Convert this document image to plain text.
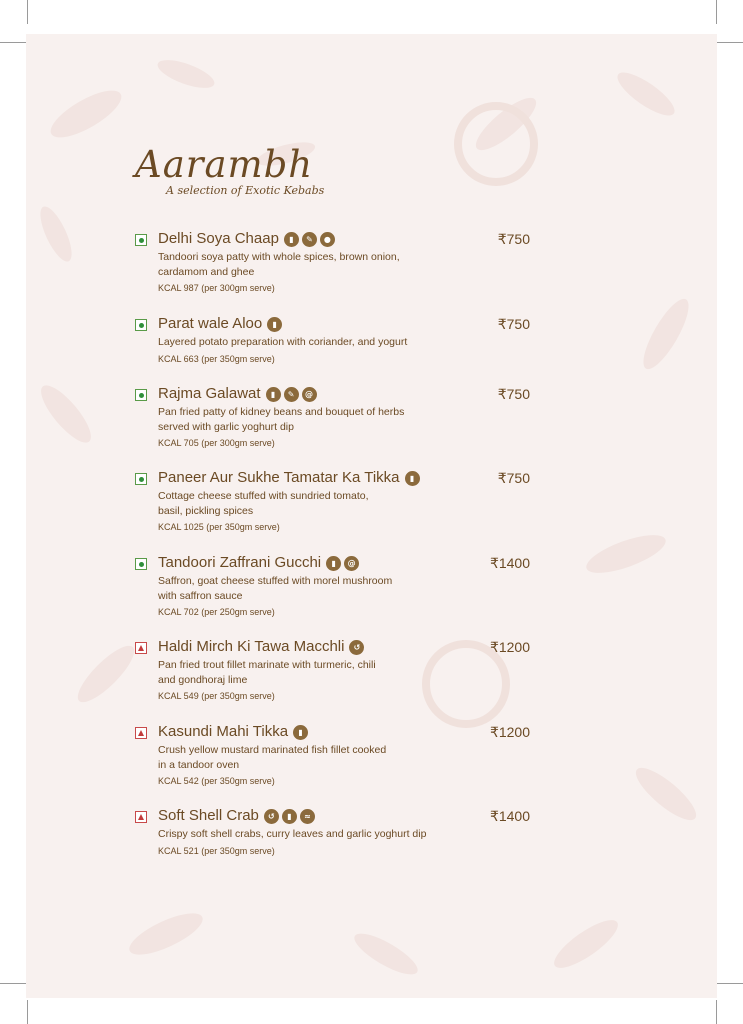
Aarambh
A selection of Exotic Kebabs
Delhi Soya Chaap	▮	✎	●	₹750
Tandoori soya patty with whole spices, brown onion,
cardamom and ghee
KCAL 987 (per 300gm serve)
Parat wale Aloo	▮	₹750
Layered potato preparation with coriander, and yogurt
KCAL 663 (per 350gm serve)
Rajma Galawat	▮	✎	@	₹750
Pan fried patty of kidney beans and bouquet of herbs
served with garlic yoghurt dip
KCAL 705 (per 300gm serve)
Paneer Aur Sukhe Tamatar Ka Tikka	▮	₹750
Cottage cheese stuffed with sundried tomato,
basil, pickling spices
KCAL 1025 (per 350gm serve)
Tandoori Zaffrani Gucchi	▮	@	₹1400
Saffron, goat cheese stuffed with morel mushroom
with saffron sauce
KCAL 702 (per 250gm serve)
Haldi Mirch Ki Tawa Macchli	↺	₹1200
Pan fried trout fillet marinate with turmeric, chili
and gondhoraj lime
KCAL 549 (per 350gm serve)
Kasundi Mahi Tikka	▮	₹1200
Crush yellow mustard marinated fish fillet cooked
in a tandoor oven
KCAL 542 (per 350gm serve)
Soft Shell Crab	↺	▮	≈	₹1400
Crispy soft shell crabs, curry leaves and garlic yoghurt dip
KCAL 521 (per 350gm serve)
